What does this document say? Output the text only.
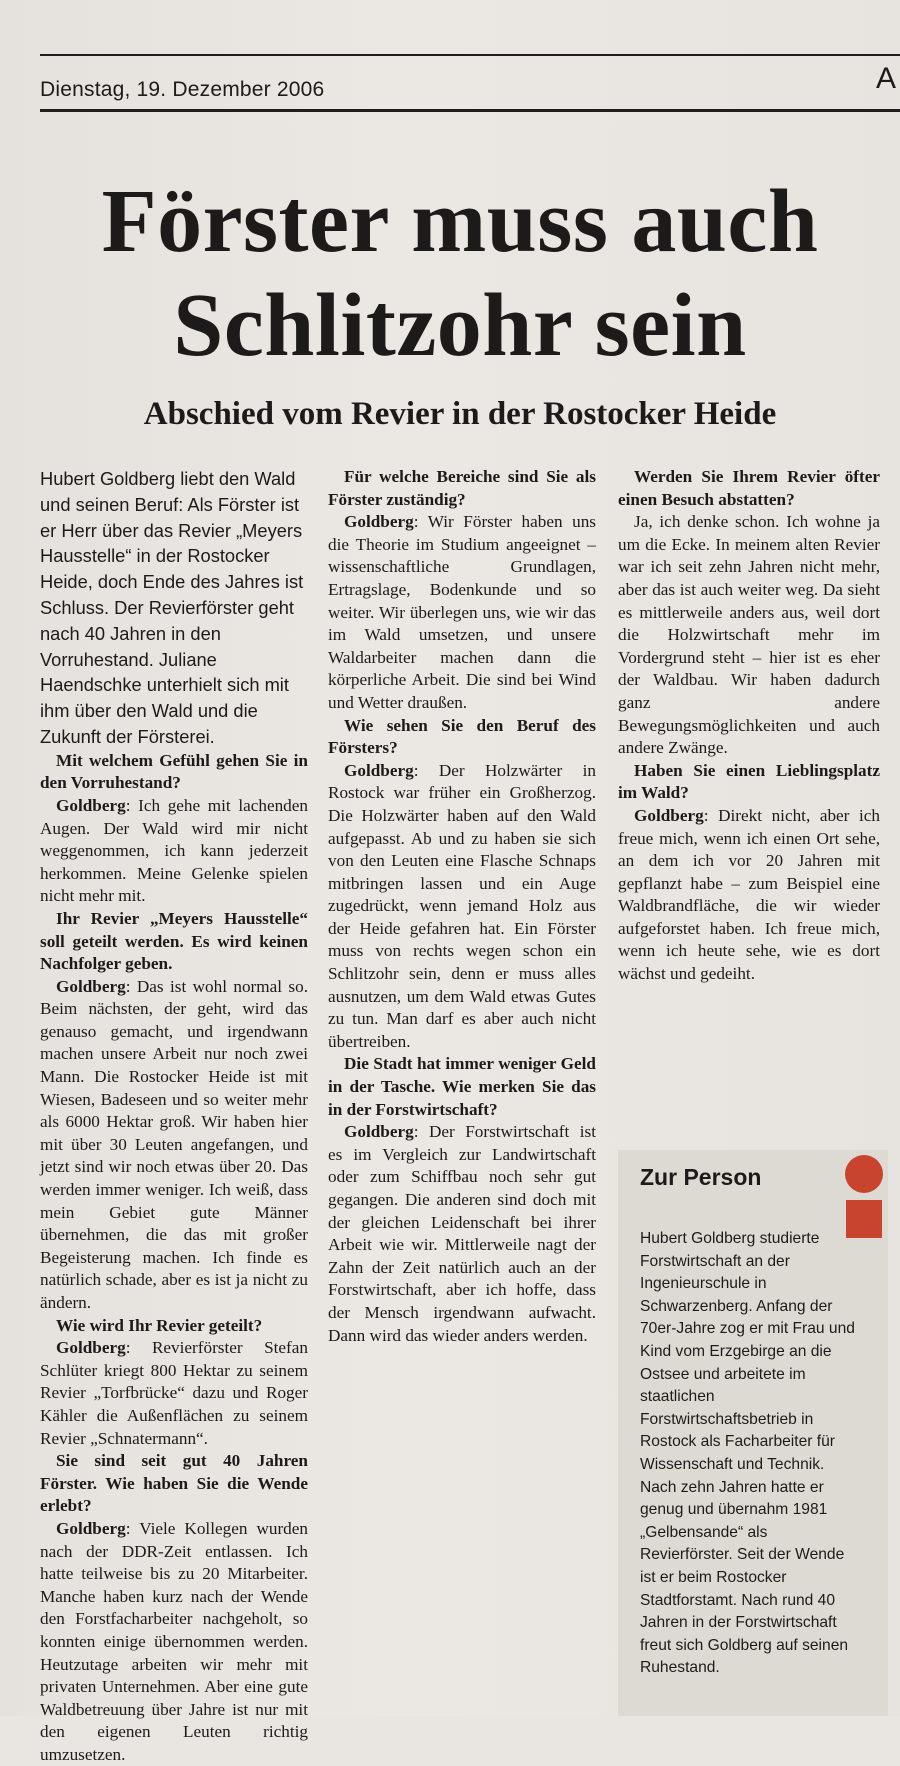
Dienstag, 19. Dezember 2006	A
Förster muss auch
Schlitzohr sein
Abschied vom Revier in der Rostocker Heide

Hubert Goldberg liebt den Wald und seinen Beruf: Als Förster ist er Herr über das Revier „Meyers Hausstelle“ in der Rostocker Heide, doch Ende des Jahres ist Schluss. Der Revierförster geht nach 40 Jahren in den Vorruhestand. Juliane Haendschke unterhielt sich mit ihm über den Wald und die Zukunft der Försterei.

Mit welchem Gefühl gehen Sie in den Vorruhestand?

Goldberg: Ich gehe mit lachenden Augen. Der Wald wird mir nicht weggenommen, ich kann jederzeit herkommen. Meine Gelenke spielen nicht mehr mit.

Ihr Revier „Meyers Hausstelle“ soll geteilt werden. Es wird keinen Nachfolger geben.

Goldberg: Das ist wohl normal so. Beim nächsten, der geht, wird das genauso gemacht, und irgendwann machen unsere Arbeit nur noch zwei Mann. Die Rostocker Heide ist mit Wiesen, Badeseen und so weiter mehr als 6000 Hektar groß. Wir haben hier mit über 30 Leuten angefangen, und jetzt sind wir noch etwas über 20. Das werden immer weniger. Ich weiß, dass mein Gebiet gute Männer übernehmen, die das mit großer Begeisterung machen. Ich finde es natürlich schade, aber es ist ja nicht zu ändern.

Wie wird Ihr Revier geteilt?

Goldberg: Revierförster Stefan Schlüter kriegt 800 Hektar zu seinem Revier „Torfbrücke“ dazu und Roger Kähler die Außenflächen zu seinem Revier „Schnatermann“.

Sie sind seit gut 40 Jahren Förster. Wie haben Sie die Wende erlebt?

Goldberg: Viele Kollegen wurden nach der DDR-Zeit entlassen. Ich hatte teilweise bis zu 20 Mitarbeiter. Manche haben kurz nach der Wende den Forstfacharbeiter nachgeholt, so konnten einige übernommen werden. Heutzutage arbeiten wir mehr mit privaten Unternehmen. Aber eine gute Waldbetreuung über Jahre ist nur mit den eigenen Leuten richtig umzusetzen.

Für welche Bereiche sind Sie als Förster zuständig?

Goldberg: Wir Förster haben uns die Theorie im Studium angeeignet – wissenschaftliche Grundlagen, Ertragslage, Bodenkunde und so weiter. Wir überlegen uns, wie wir das im Wald umsetzen, und unsere Waldarbeiter machen dann die körperliche Arbeit. Die sind bei Wind und Wetter draußen.

Wie sehen Sie den Beruf des Försters?

Goldberg: Der Holzwärter in Rostock war früher ein Großherzog. Die Holzwärter haben auf den Wald aufgepasst. Ab und zu haben sie sich von den Leuten eine Flasche Schnaps mitbringen lassen und ein Auge zugedrückt, wenn jemand Holz aus der Heide gefahren hat. Ein Förster muss von rechts wegen schon ein Schlitzohr sein, denn er muss alles ausnutzen, um dem Wald etwas Gutes zu tun. Man darf es aber auch nicht übertreiben.

Die Stadt hat immer weniger Geld in der Tasche. Wie merken Sie das in der Forstwirtschaft?

Goldberg: Der Forstwirtschaft ist es im Vergleich zur Landwirtschaft oder zum Schiffbau noch sehr gut gegangen. Die anderen sind doch mit der gleichen Leidenschaft bei ihrer Arbeit wie wir. Mittlerweile nagt der Zahn der Zeit natürlich auch an der Forstwirtschaft, aber ich hoffe, dass der Mensch irgendwann aufwacht. Dann wird das wieder anders werden.

Werden Sie Ihrem Revier öfter einen Besuch abstatten?

Ja, ich denke schon. Ich wohne ja um die Ecke. In meinem alten Revier war ich seit zehn Jahren nicht mehr, aber das ist auch weiter weg. Da sieht es mittlerweile anders aus, weil dort die Holzwirtschaft mehr im Vordergrund steht – hier ist es eher der Waldbau. Wir haben dadurch ganz andere Bewegungsmöglichkeiten und auch andere Zwänge.

Haben Sie einen Lieblingsplatz im Wald?

Goldberg: Direkt nicht, aber ich freue mich, wenn ich einen Ort sehe, an dem ich vor 20 Jahren mit gepflanzt habe – zum Beispiel eine Waldbrandfläche, die wir wieder aufgeforstet haben. Ich freue mich, wenn ich heute sehe, wie es dort wächst und gedeiht.

Zur Person

Hubert Goldberg studierte Forstwirtschaft an der Ingenieurschule in Schwarzenberg. Anfang der 70er-Jahre zog er mit Frau und Kind vom Erzgebirge an die Ostsee und arbeitete im staatlichen Forstwirtschaftsbetrieb in Rostock als Facharbeiter für Wissenschaft und Technik. Nach zehn Jahren hatte er genug und übernahm 1981 „Gelbensande“ als Revierförster. Seit der Wende ist er beim Rostocker Stadtforstamt. Nach rund 40 Jahren in der Forstwirtschaft freut sich Goldberg auf seinen Ruhestand.
